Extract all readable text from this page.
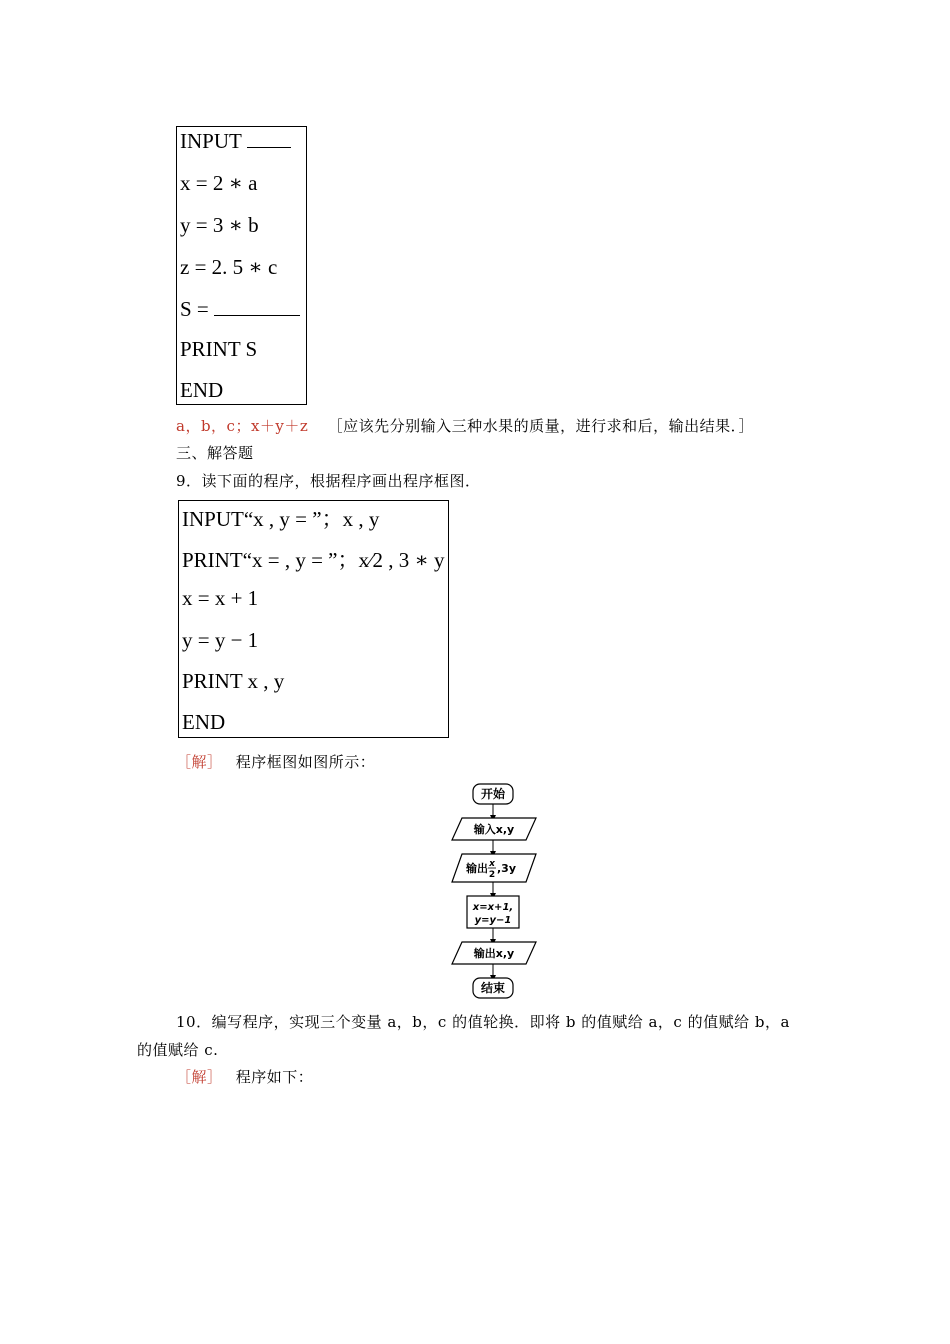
INPUT
x = 2 ∗ a
y = 3 ∗ b
z = 2. 5 ∗ c
S =
PRINT S
END
a，b，c；x＋y＋z ［应该先分别输入三种水果的质量，进行求和后，输出结果．］
三、解答题
9．读下面的程序，根据程序画出程序框图．
INPUT“x , y = ”；x , y
PRINT“x = , y = ”；x⁄2 , 3 ∗ y
x = x + 1
y = y − 1
PRINT x , y
END
［解］ 程序框图如图所示：
开始
输入x,y
输出 x
2 ,3y
x=x+1,
y=y−1
输出x,y
结束
10．编写程序，实现三个变量 a，b，c 的值轮换．即将 b 的值赋给 a，c 的值赋给 b，a
的值赋给 c.
［解］ 程序如下：
